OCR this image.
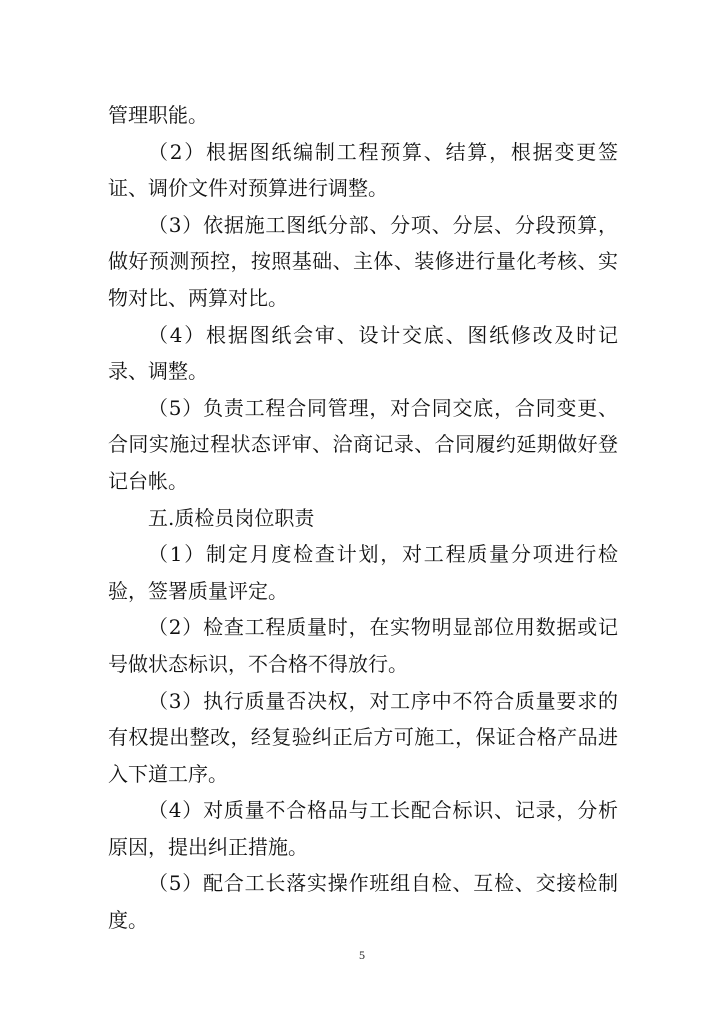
管理职能。

（2）根据图纸编制工程预算、结算，根据变更签证、调价文件对预算进行调整。

（3）依据施工图纸分部、分项、分层、分段预算，做好预测预控，按照基础、主体、装修进行量化考核、实物对比、两算对比。

（4）根据图纸会审、设计交底、图纸修改及时记录、调整。

（5）负责工程合同管理，对合同交底，合同变更、合同实施过程状态评审、洽商记录、合同履约延期做好登记台帐。

五.质检员岗位职责

（1）制定月度检查计划，对工程质量分项进行检验，签署质量评定。

（2）检查工程质量时，在实物明显部位用数据或记号做状态标识，不合格不得放行。

（3）执行质量否决权，对工序中不符合质量要求的有权提出整改，经复验纠正后方可施工，保证合格产品进入下道工序。

（4）对质量不合格品与工长配合标识、记录，分析原因，提出纠正措施。

（5）配合工长落实操作班组自检、互检、交接检制度。

5
